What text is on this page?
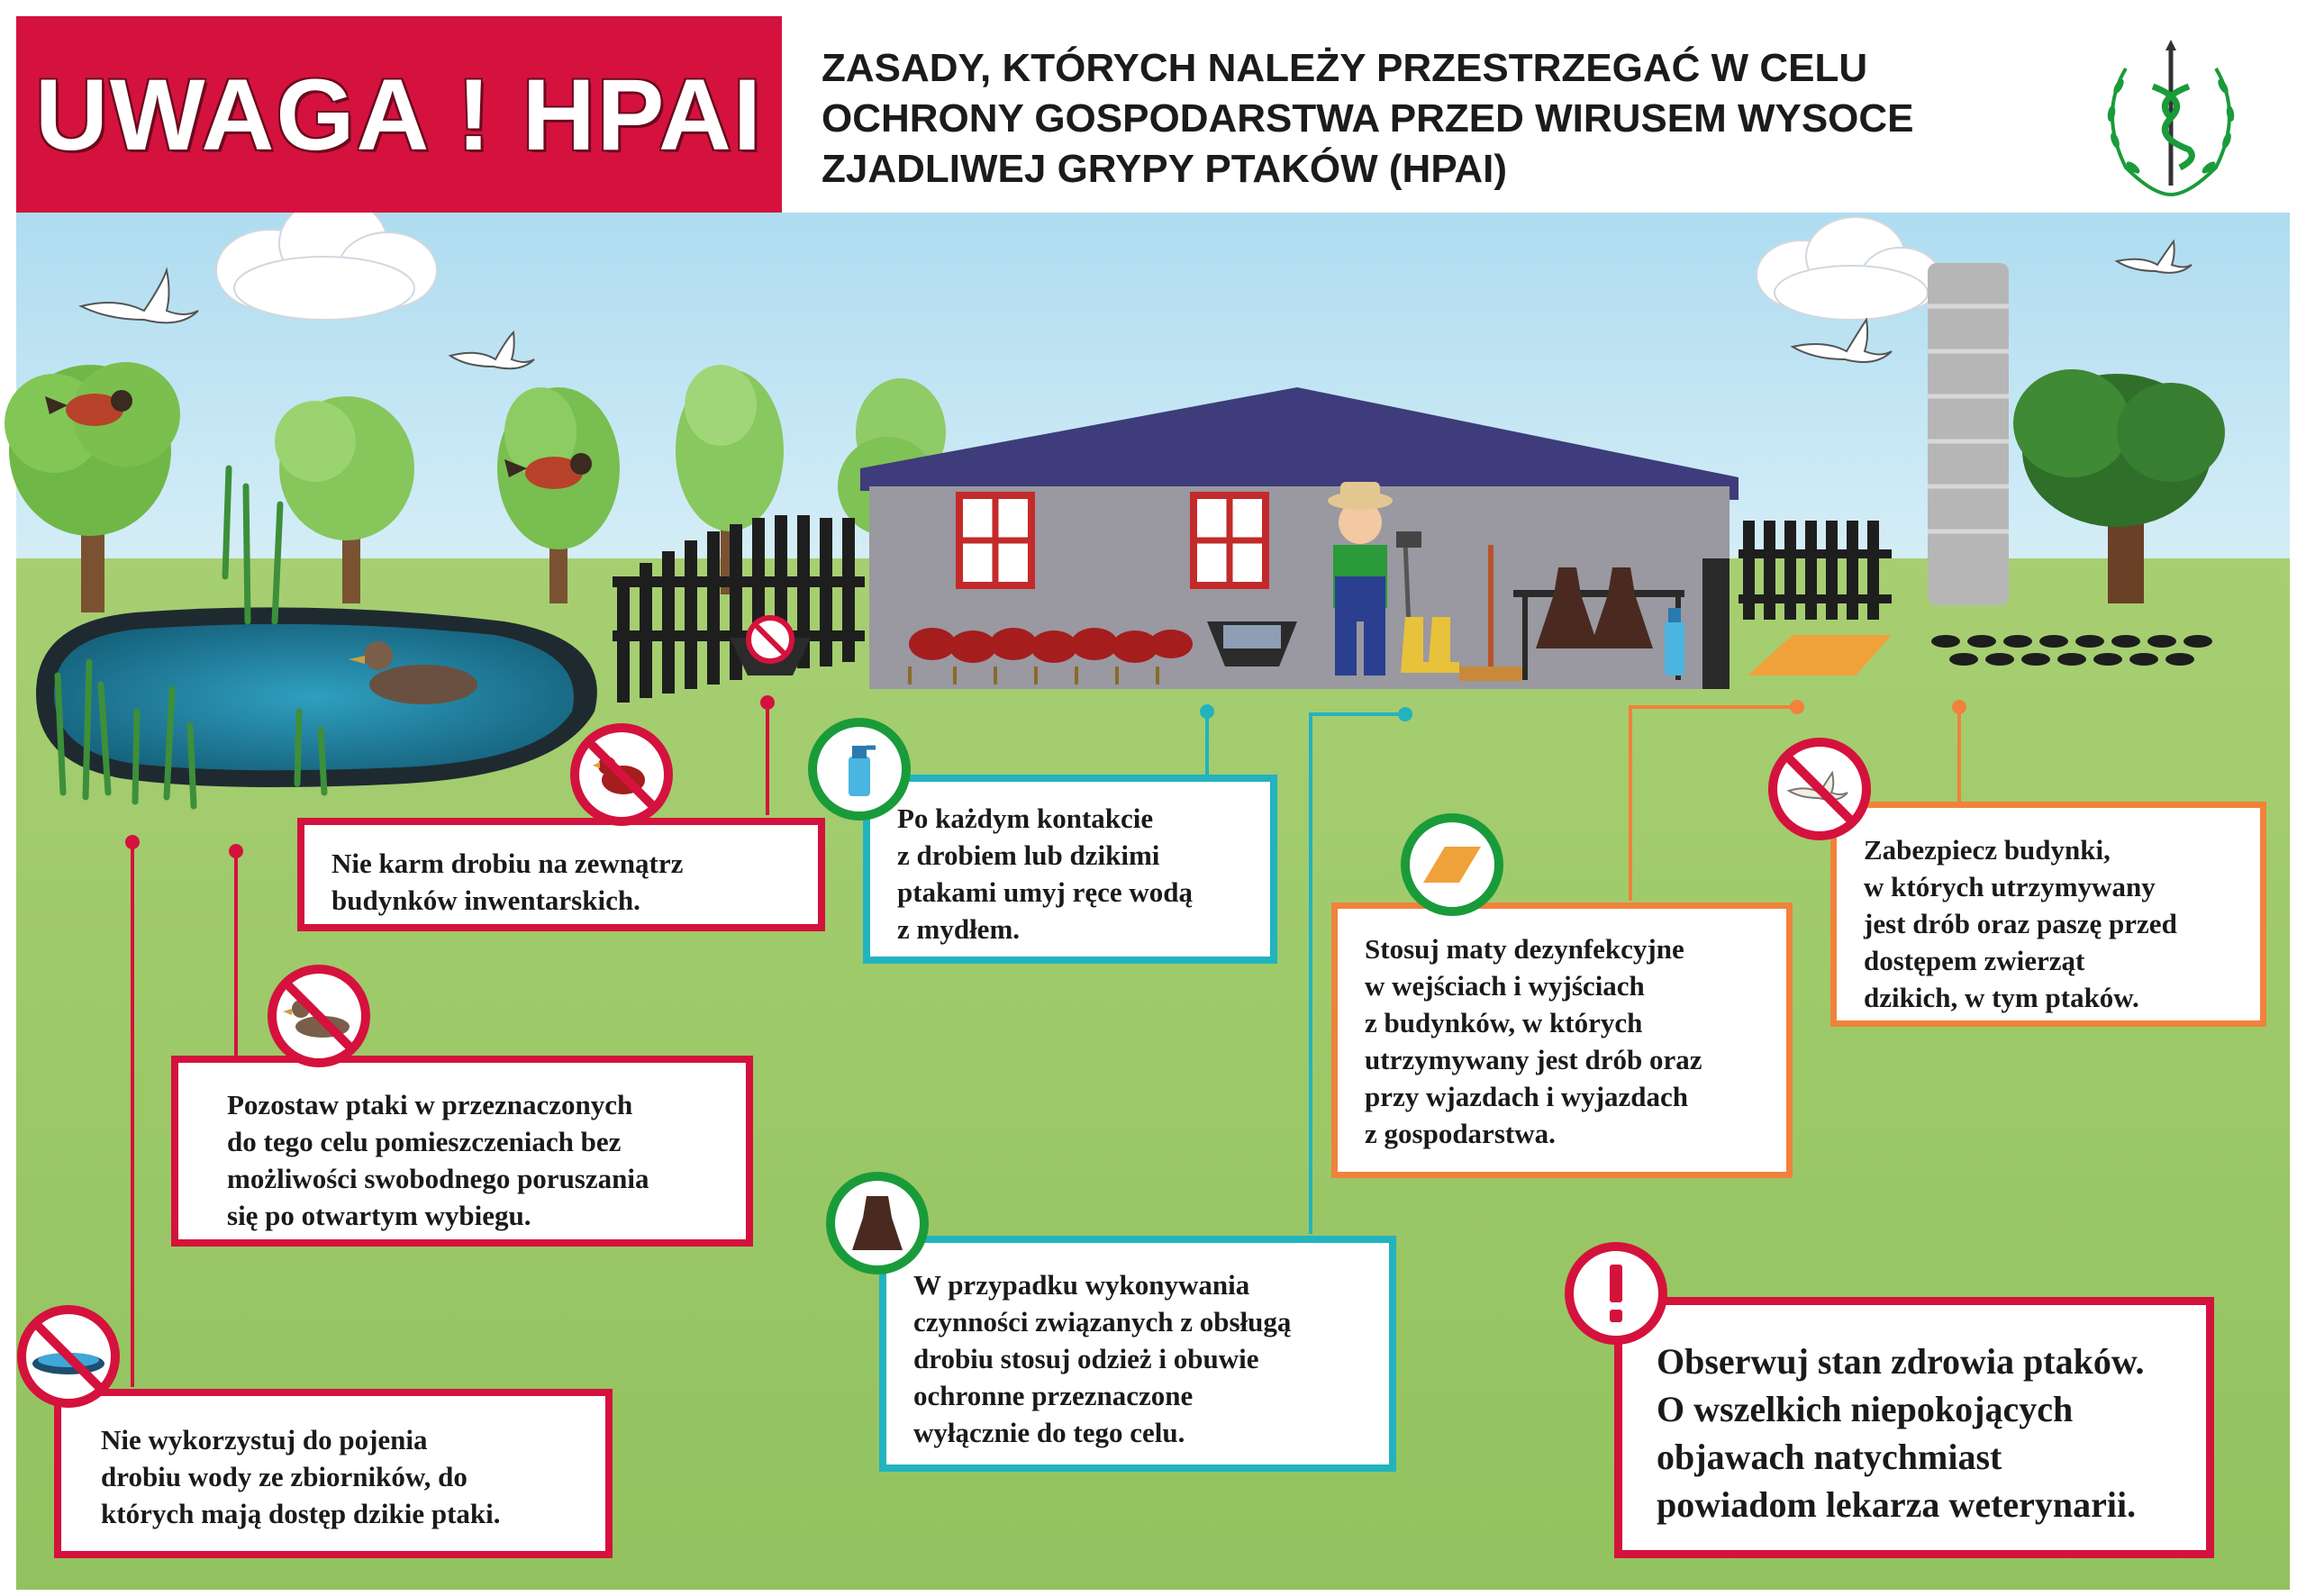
UWAGA ! HPAI	ZASADY, KTÓRYCH NALEŻY PRZESTRZEGAĆ W CELU
OCHRONY GOSPODARSTWA PRZED WIRUSEM WYSOCE
ZJADLIWEJ GRYPY PTAKÓW (HPAI)
Nie karm drobiu na zewnątrz
budynków inwentarskich.
Pozostaw ptaki w przeznaczonych
do tego celu pomieszczeniach bez
możliwości swobodnego poruszania
się po otwartym wybiegu.
Nie wykorzystuj do pojenia
drobiu wody ze zbiorników, do
których mają dostęp dzikie ptaki.
Po każdym kontakcie
z drobiem lub dzikimi
ptakami umyj ręce wodą
z mydłem.
W przypadku wykonywania
czynności związanych z obsługą
drobiu stosuj odzież i obuwie
ochronne przeznaczone
wyłącznie do tego celu.
Stosuj maty dezynfekcyjne
w wejściach i wyjściach
z budynków, w których
utrzymywany jest drób oraz
przy wjazdach i wyjazdach
z gospodarstwa.
Zabezpiecz budynki,
w których utrzymywany
jest drób oraz paszę przed
dostępem zwierząt
dzikich, w tym ptaków.
Obserwuj stan zdrowia ptaków.
O wszelkich niepokojących
objawach natychmiast
powiadom lekarza weterynarii.
